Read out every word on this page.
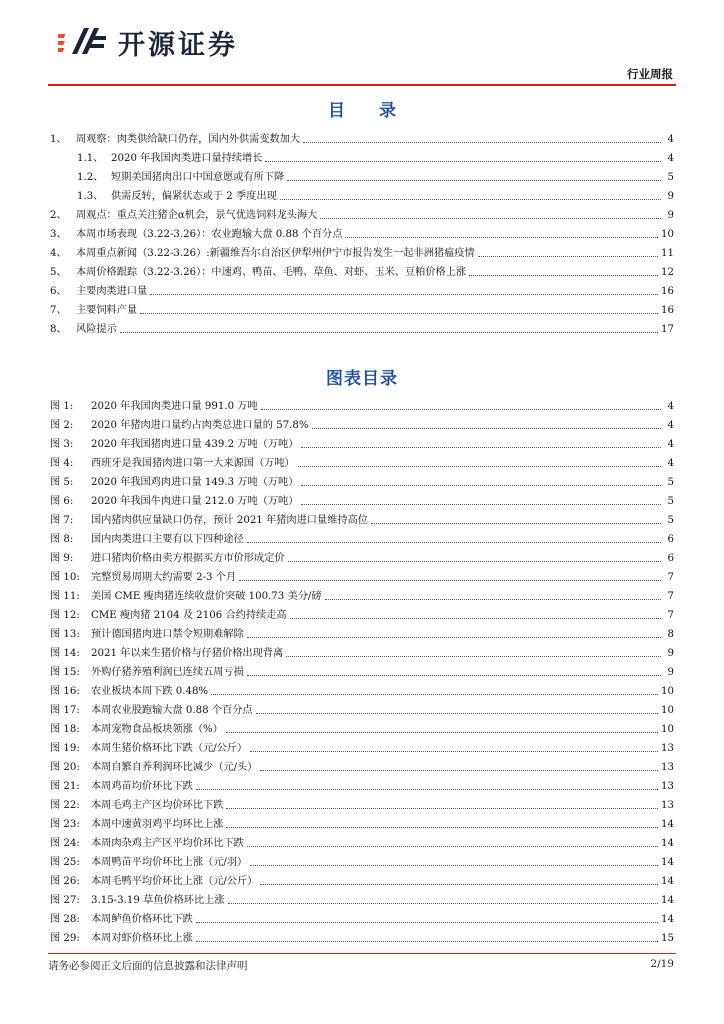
开源证券
行业周报
目 录
1、 周观察：肉类供给缺口仍存，国内外供需变数加大	4
1.1、 2020 年我国肉类进口量持续增长	4
1.2、 短期美国猪肉出口中国意愿或有所下降	5
1.3、 供需反转，偏紧状态或于 2 季度出现	9
2、 周观点：重点关注猪企α机会，景气优选饲料龙头海大	9
3、 本周市场表现（3.22-3.26）：农业跑输大盘 0.88 个百分点	10
4、 本周重点新闻（3.22-3.26）:新疆维吾尔自治区伊犁州伊宁市报告发生一起非洲猪瘟疫情	11
5、 本周价格跟踪（3.22-3.26）：中速鸡、鸭苗、毛鸭、草鱼、对虾、玉米、豆粕价格上涨	12
6、 主要肉类进口量	16
7、 主要饲料产量	16
8、 风险提示	17
图表目录
图 1:	2020 年我国肉类进口量 991.0 万吨	4
图 2:	2020 年猪肉进口量约占肉类总进口量的 57.8%	4
图 3:	2020 年我国猪肉进口量 439.2 万吨（万吨）	4
图 4:	西班牙是我国猪肉进口第一大来源国（万吨）	4
图 5:	2020 年我国鸡肉进口量 149.3 万吨（万吨）	5
图 6:	2020 年我国牛肉进口量 212.0 万吨（万吨）	5
图 7:	国内猪肉供应量缺口仍存，预计 2021 年猪肉进口量维持高位	5
图 8:	国内肉类进口主要有以下四种途径	6
图 9:	进口猪肉价格由卖方根据买方市价形成定价	6
图 10:	完整贸易周期大约需要 2-3 个月	7
图 11:	美国 CME 瘦肉猪连续收盘价突破 100.73 美分/磅	7
图 12:	CME 瘦肉猪 2104 及 2106 合约持续走高	7
图 13:	预计德国猪肉进口禁令短期难解除	8
图 14:	2021 年以来生猪价格与仔猪价格出现背离	9
图 15:	外购仔猪养殖利润已连续五周亏损	9
图 16:	农业板块本周下跌 0.48%	10
图 17:	本周农业股跑输大盘 0.88 个百分点	10
图 18:	本周宠物食品板块领涨（%）	10
图 19:	本周生猪价格环比下跌（元/公斤）	13
图 20:	本周自繁自养利润环比减少（元/头）	13
图 21:	本周鸡苗均价环比下跌	13
图 22:	本周毛鸡主产区均价环比下跌	13
图 23:	本周中速黄羽鸡平均环比上涨	14
图 24:	本周肉杂鸡主产区平均价环比下跌	14
图 25:	本周鸭苗平均价环比上涨（元/羽）	14
图 26:	本周毛鸭平均价环比上涨（元/公斤）	14
图 27:	3.15-3.19 草鱼价格环比上涨	14
图 28:	本周鲈鱼价格环比下跌	14
图 29:	本周对虾价格环比上涨	15
请务必参阅正文后面的信息披露和法律声明	2/19
